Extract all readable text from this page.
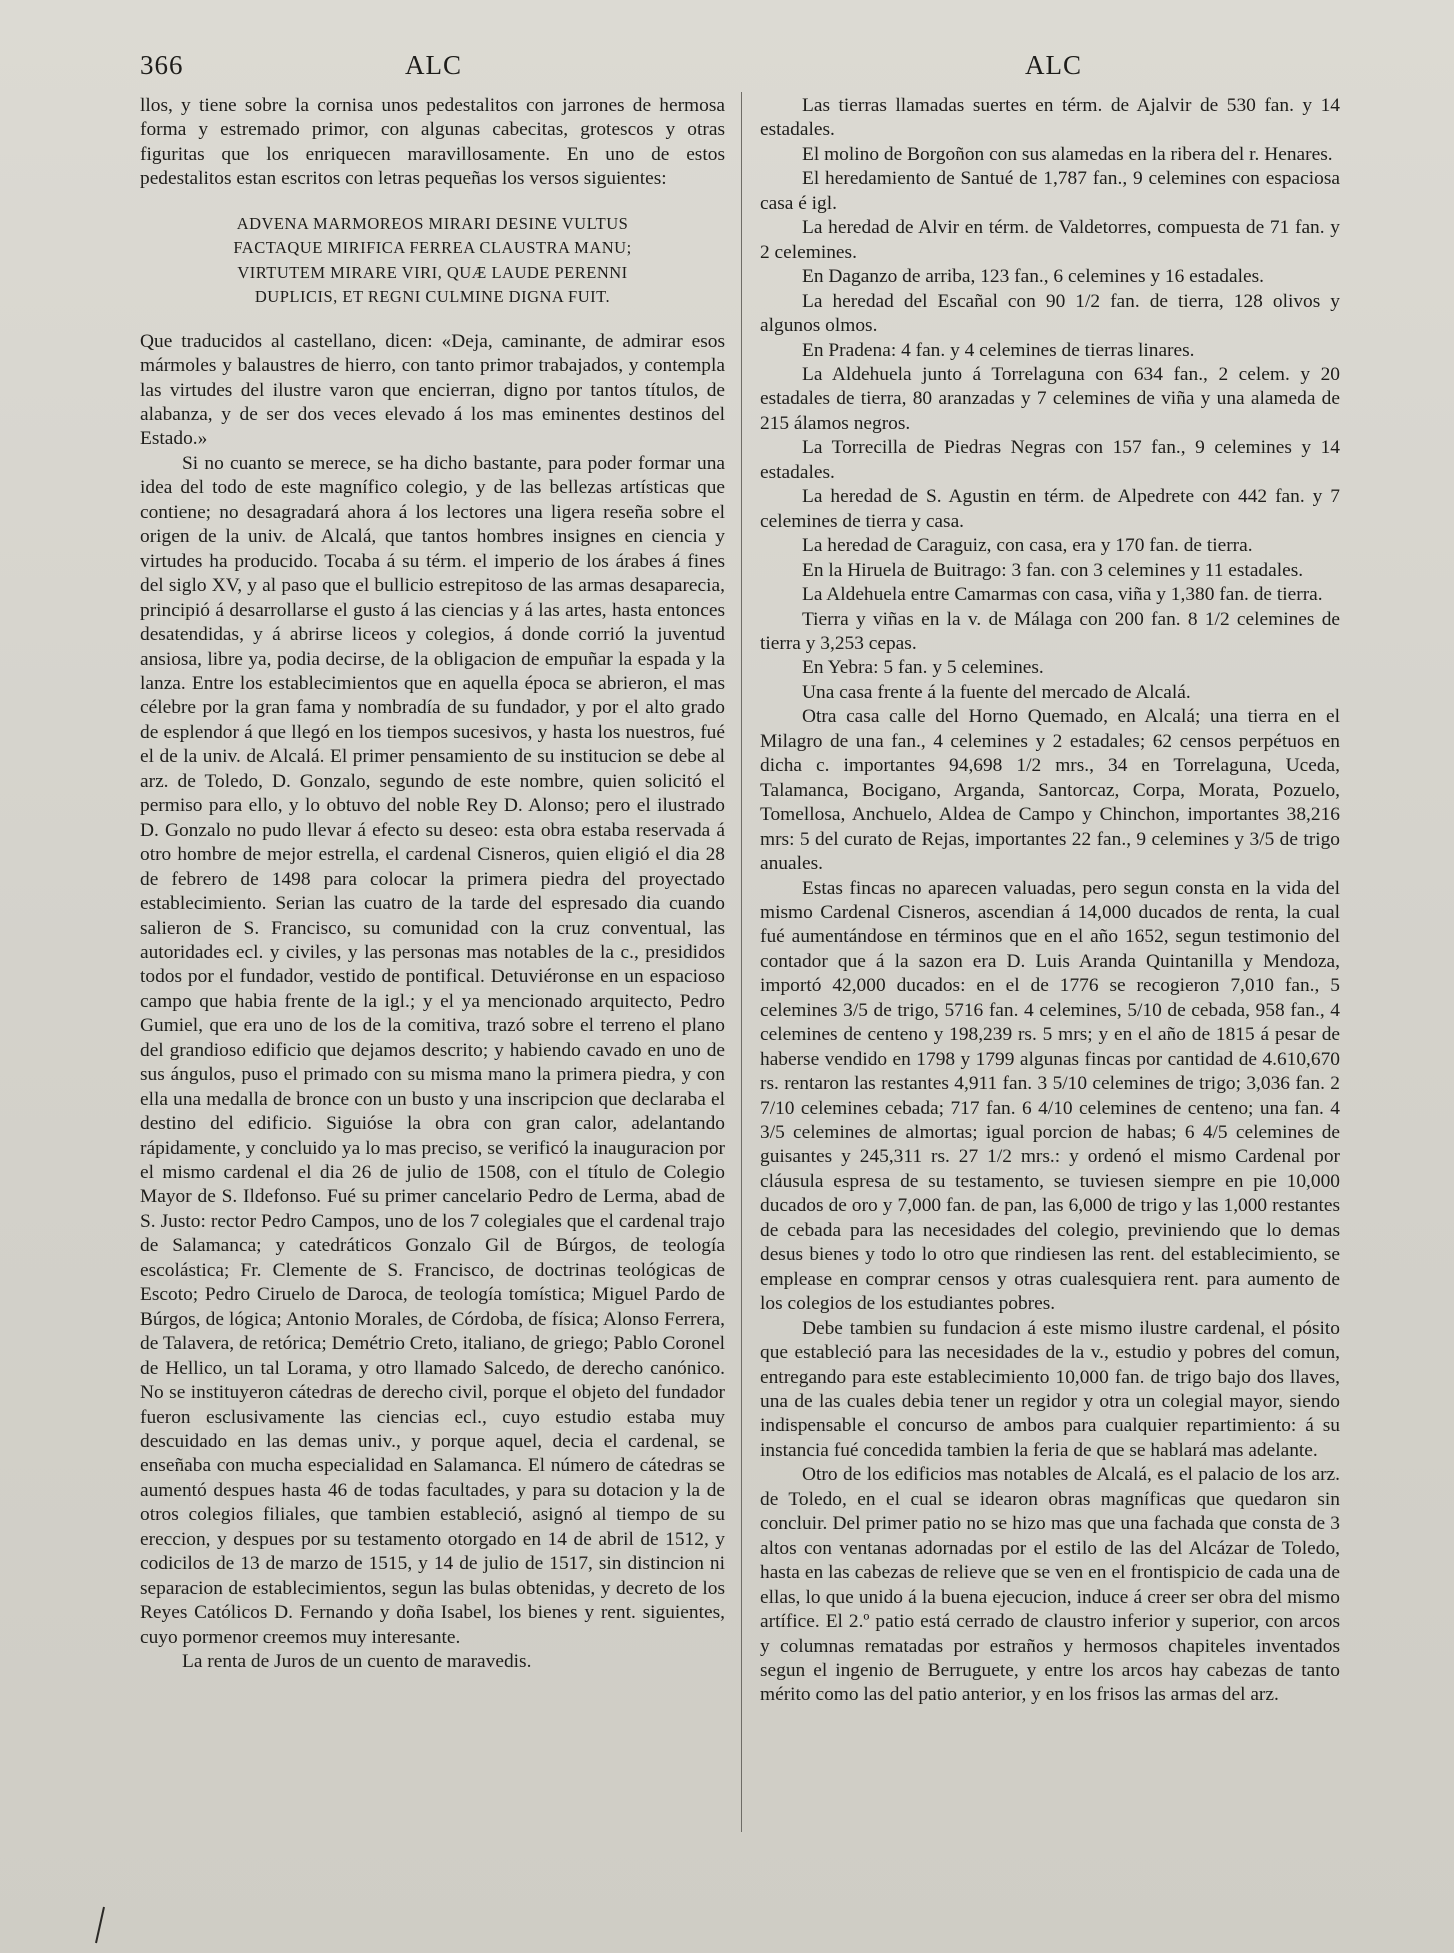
366	ALC	ALC

llos, y tiene sobre la cornisa unos pedestalitos con jarrones de hermosa forma y estremado primor, con algunas cabecitas, grotescos y otras figuritas que los enriquecen maravillosamente. En uno de estos pedestalitos estan escritos con letras pequeñas los versos siguientes:

ADVENA MARMOREOS MIRARI DESINE VULTUS
FACTAQUE MIRIFICA FERREA CLAUSTRA MANU;
VIRTUTEM MIRARE VIRI, QUÆ LAUDE PERENNI
DUPLICIS, ET REGNI CULMINE DIGNA FUIT.

Que traducidos al castellano, dicen: «Deja, caminante, de admirar esos mármoles y balaustres de hierro, con tanto primor trabajados, y contempla las virtudes del ilustre varon que encierran, digno por tantos títulos, de alabanza, y de ser dos veces elevado á los mas eminentes destinos del Estado.»

Si no cuanto se merece, se ha dicho bastante, para poder formar una idea del todo de este magnífico colegio, y de las bellezas artísticas que contiene; no desagradará ahora á los lectores una ligera reseña sobre el origen de la univ. de Alcalá, que tantos hombres insignes en ciencia y virtudes ha producido. Tocaba á su térm. el imperio de los árabes á fines del siglo XV, y al paso que el bullicio estrepitoso de las armas desaparecia, principió á desarrollarse el gusto á las ciencias y á las artes, hasta entonces desatendidas, y á abrirse liceos y colegios, á donde corrió la juventud ansiosa, libre ya, podia decirse, de la obligacion de empuñar la espada y la lanza. Entre los establecimientos que en aquella época se abrieron, el mas célebre por la gran fama y nombradía de su fundador, y por el alto grado de esplendor á que llegó en los tiempos sucesivos, y hasta los nuestros, fué el de la univ. de Alcalá. El primer pensamiento de su institucion se debe al arz. de Toledo, D. Gonzalo, segundo de este nombre, quien solicitó el permiso para ello, y lo obtuvo del noble Rey D. Alonso; pero el ilustrado D. Gonzalo no pudo llevar á efecto su deseo: esta obra estaba reservada á otro hombre de mejor estrella, el cardenal Cisneros, quien eligió el dia 28 de febrero de 1498 para colocar la primera piedra del proyectado establecimiento. Serian las cuatro de la tarde del espresado dia cuando salieron de S. Francisco, su comunidad con la cruz conventual, las autoridades ecl. y civiles, y las personas mas notables de la c., presididos todos por el fundador, vestido de pontifical. Detuviéronse en un espacioso campo que habia frente de la igl.; y el ya mencionado arquitecto, Pedro Gumiel, que era uno de los de la comitiva, trazó sobre el terreno el plano del grandioso edificio que dejamos descrito; y habiendo cavado en uno de sus ángulos, puso el primado con su misma mano la primera piedra, y con ella una medalla de bronce con un busto y una inscripcion que declaraba el destino del edificio. Siguióse la obra con gran calor, adelantando rápidamente, y concluido ya lo mas preciso, se verificó la inauguracion por el mismo cardenal el dia 26 de julio de 1508, con el título de Colegio Mayor de S. Ildefonso. Fué su primer cancelario Pedro de Lerma, abad de S. Justo: rector Pedro Campos, uno de los 7 colegiales que el cardenal trajo de Salamanca; y catedráticos Gonzalo Gil de Búrgos, de teología escolástica; Fr. Clemente de S. Francisco, de doctrinas teológicas de Escoto; Pedro Ciruelo de Daroca, de teología tomística; Miguel Pardo de Búrgos, de lógica; Antonio Morales, de Córdoba, de física; Alonso Ferrera, de Talavera, de retórica; Demétrio Creto, italiano, de griego; Pablo Coronel de Hellico, un tal Lorama, y otro llamado Salcedo, de derecho canónico. No se instituyeron cátedras de derecho civil, porque el objeto del fundador fueron esclusivamente las ciencias ecl., cuyo estudio estaba muy descuidado en las demas univ., y porque aquel, decia el cardenal, se enseñaba con mucha especialidad en Salamanca. El número de cátedras se aumentó despues hasta 46 de todas facultades, y para su dotacion y la de otros colegios filiales, que tambien estableció, asignó al tiempo de su ereccion, y despues por su testamento otorgado en 14 de abril de 1512, y codicilos de 13 de marzo de 1515, y 14 de julio de 1517, sin distincion ni separacion de establecimientos, segun las bulas obtenidas, y decreto de los Reyes Católicos D. Fernando y doña Isabel, los bienes y rent. siguientes, cuyo pormenor creemos muy interesante.

La renta de Juros de un cuento de maravedis.

Las tierras llamadas suertes en térm. de Ajalvir de 530 fan. y 14 estadales.

El molino de Borgoñon con sus alamedas en la ribera del r. Henares.

El heredamiento de Santué de 1,787 fan., 9 celemines con espaciosa casa é igl.

La heredad de Alvir en térm. de Valdetorres, compuesta de 71 fan. y 2 celemines.

En Daganzo de arriba, 123 fan., 6 celemines y 16 estadales.

La heredad del Escañal con 90 1/2 fan. de tierra, 128 olivos y algunos olmos.

En Pradena: 4 fan. y 4 celemines de tierras linares.

La Aldehuela junto á Torrelaguna con 634 fan., 2 celem. y 20 estadales de tierra, 80 aranzadas y 7 celemines de viña y una alameda de 215 álamos negros.

La Torrecilla de Piedras Negras con 157 fan., 9 celemines y 14 estadales.

La heredad de S. Agustin en térm. de Alpedrete con 442 fan. y 7 celemines de tierra y casa.

La heredad de Caraguiz, con casa, era y 170 fan. de tierra.

En la Hiruela de Buitrago: 3 fan. con 3 celemines y 11 estadales.

La Aldehuela entre Camarmas con casa, viña y 1,380 fan. de tierra.

Tierra y viñas en la v. de Málaga con 200 fan. 8 1/2 celemines de tierra y 3,253 cepas.

En Yebra: 5 fan. y 5 celemines.

Una casa frente á la fuente del mercado de Alcalá.

Otra casa calle del Horno Quemado, en Alcalá; una tierra en el Milagro de una fan., 4 celemines y 2 estadales; 62 censos perpétuos en dicha c. importantes 94,698 1/2 mrs., 34 en Torrelaguna, Uceda, Talamanca, Bocigano, Arganda, Santorcaz, Corpa, Morata, Pozuelo, Tomellosa, Anchuelo, Aldea de Campo y Chinchon, importantes 38,216 mrs: 5 del curato de Rejas, importantes 22 fan., 9 celemines y 3/5 de trigo anuales.

Estas fincas no aparecen valuadas, pero segun consta en la vida del mismo Cardenal Cisneros, ascendian á 14,000 ducados de renta, la cual fué aumentándose en términos que en el año 1652, segun testimonio del contador que á la sazon era D. Luis Aranda Quintanilla y Mendoza, importó 42,000 ducados: en el de 1776 se recogieron 7,010 fan., 5 celemines 3/5 de trigo, 5716 fan. 4 celemines, 5/10 de cebada, 958 fan., 4 celemines de centeno y 198,239 rs. 5 mrs; y en el año de 1815 á pesar de haberse vendido en 1798 y 1799 algunas fincas por cantidad de 4.610,670 rs. rentaron las restantes 4,911 fan. 3 5/10 celemines de trigo; 3,036 fan. 2 7/10 celemines cebada; 717 fan. 6 4/10 celemines de centeno; una fan. 4 3/5 celemines de almortas; igual porcion de habas; 6 4/5 celemines de guisantes y 245,311 rs. 27 1/2 mrs.: y ordenó el mismo Cardenal por cláusula espresa de su testamento, se tuviesen siempre en pie 10,000 ducados de oro y 7,000 fan. de pan, las 6,000 de trigo y las 1,000 restantes de cebada para las necesidades del colegio, previniendo que lo demas desus bienes y todo lo otro que rindiesen las rent. del establecimiento, se emplease en comprar censos y otras cualesquiera rent. para aumento de los colegios de los estudiantes pobres.

Debe tambien su fundacion á este mismo ilustre cardenal, el pósito que estableció para las necesidades de la v., estudio y pobres del comun, entregando para este establecimiento 10,000 fan. de trigo bajo dos llaves, una de las cuales debia tener un regidor y otra un colegial mayor, siendo indispensable el concurso de ambos para cualquier repartimiento: á su instancia fué concedida tambien la feria de que se hablará mas adelante.

Otro de los edificios mas notables de Alcalá, es el palacio de los arz. de Toledo, en el cual se idearon obras magníficas que quedaron sin concluir. Del primer patio no se hizo mas que una fachada que consta de 3 altos con ventanas adornadas por el estilo de las del Alcázar de Toledo, hasta en las cabezas de relieve que se ven en el frontispicio de cada una de ellas, lo que unido á la buena ejecucion, induce á creer ser obra del mismo artífice. El 2.º patio está cerrado de claustro inferior y superior, con arcos y columnas rematadas por estraños y hermosos chapiteles inventados segun el ingenio de Berruguete, y entre los arcos hay cabezas de tanto mérito como las del patio anterior, y en los frisos las armas del arz.
